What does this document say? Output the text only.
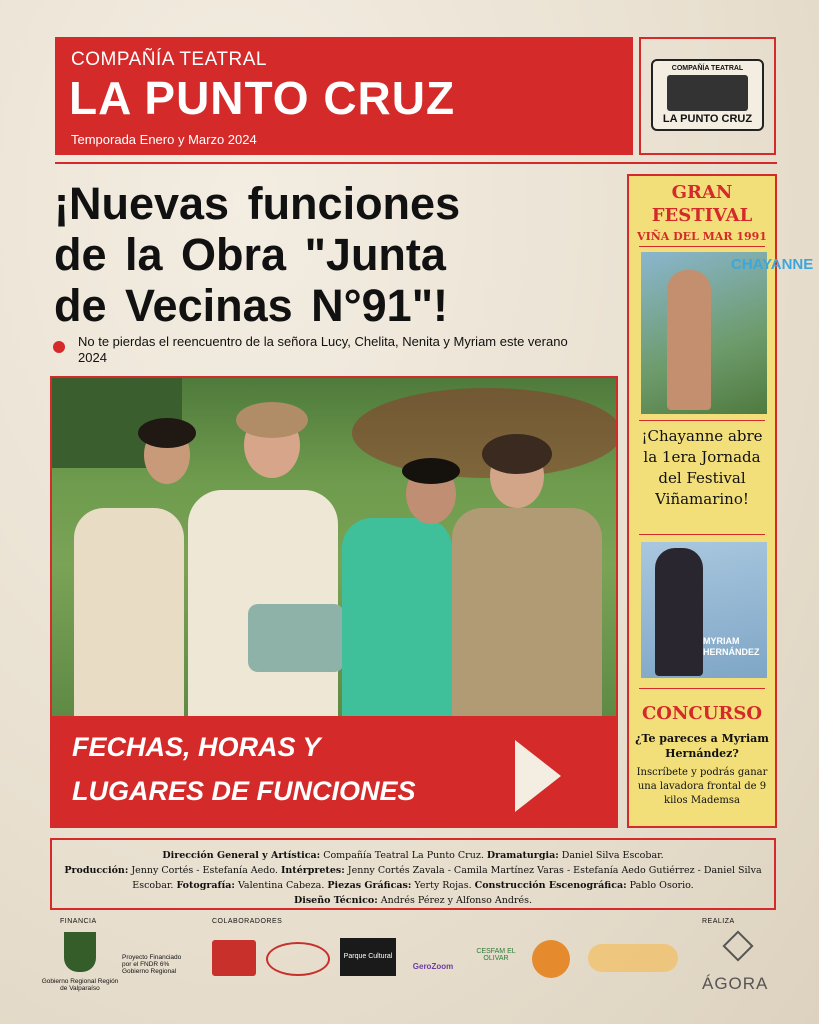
COMPAÑÍA TEATRAL
LA PUNTO CRUZ
Temporada Enero y Marzo 2024
COMPAÑÍA TEATRAL
LA PUNTO CRUZ
¡Nuevas funciones
de la Obra "Junta
de Vecinas N°91"!
No te pierdas el reencuentro de la señora Lucy, Chelita, Nenita y Myriam este verano 2024
FECHAS, HORAS Y
LUGARES DE FUNCIONES
GRAN
FESTIVAL
VIÑA DEL MAR 1991
CHAYANNE
¡Chayanne abre la 1era Jornada del Festival Viñamarino!
MYRIAM HERNÁNDEZ
CONCURSO
¿Te pareces a Myriam Hernández?
Inscríbete y podrás ganar una lavadora frontal de 9 kilos Mademsa
Dirección General y Artística: Compañía Teatral La Punto Cruz. Dramaturgia: Daniel Silva Escobar.
Producción: Jenny Cortés - Estefanía Aedo. Intérpretes: Jenny Cortés Zavala - Camila Martínez Varas - Estefanía Aedo Gutiérrez - Daniel Silva Escobar. Fotografía: Valentina Cabeza. Piezas Gráficas: Yerty Rojas. Construcción Escenográfica: Pablo Osorio.
Diseño Técnico: Andrés Pérez y Alfonso Andrés.
FINANCIA
Gobierno Regional Región de Valparaíso
Proyecto Financiado por el FNDR 6% Gobierno Regional
COLABORADORES
Parque Cultural
GeroZoom
CESFAM EL OLIVAR
REALIZA
ÁGORA
